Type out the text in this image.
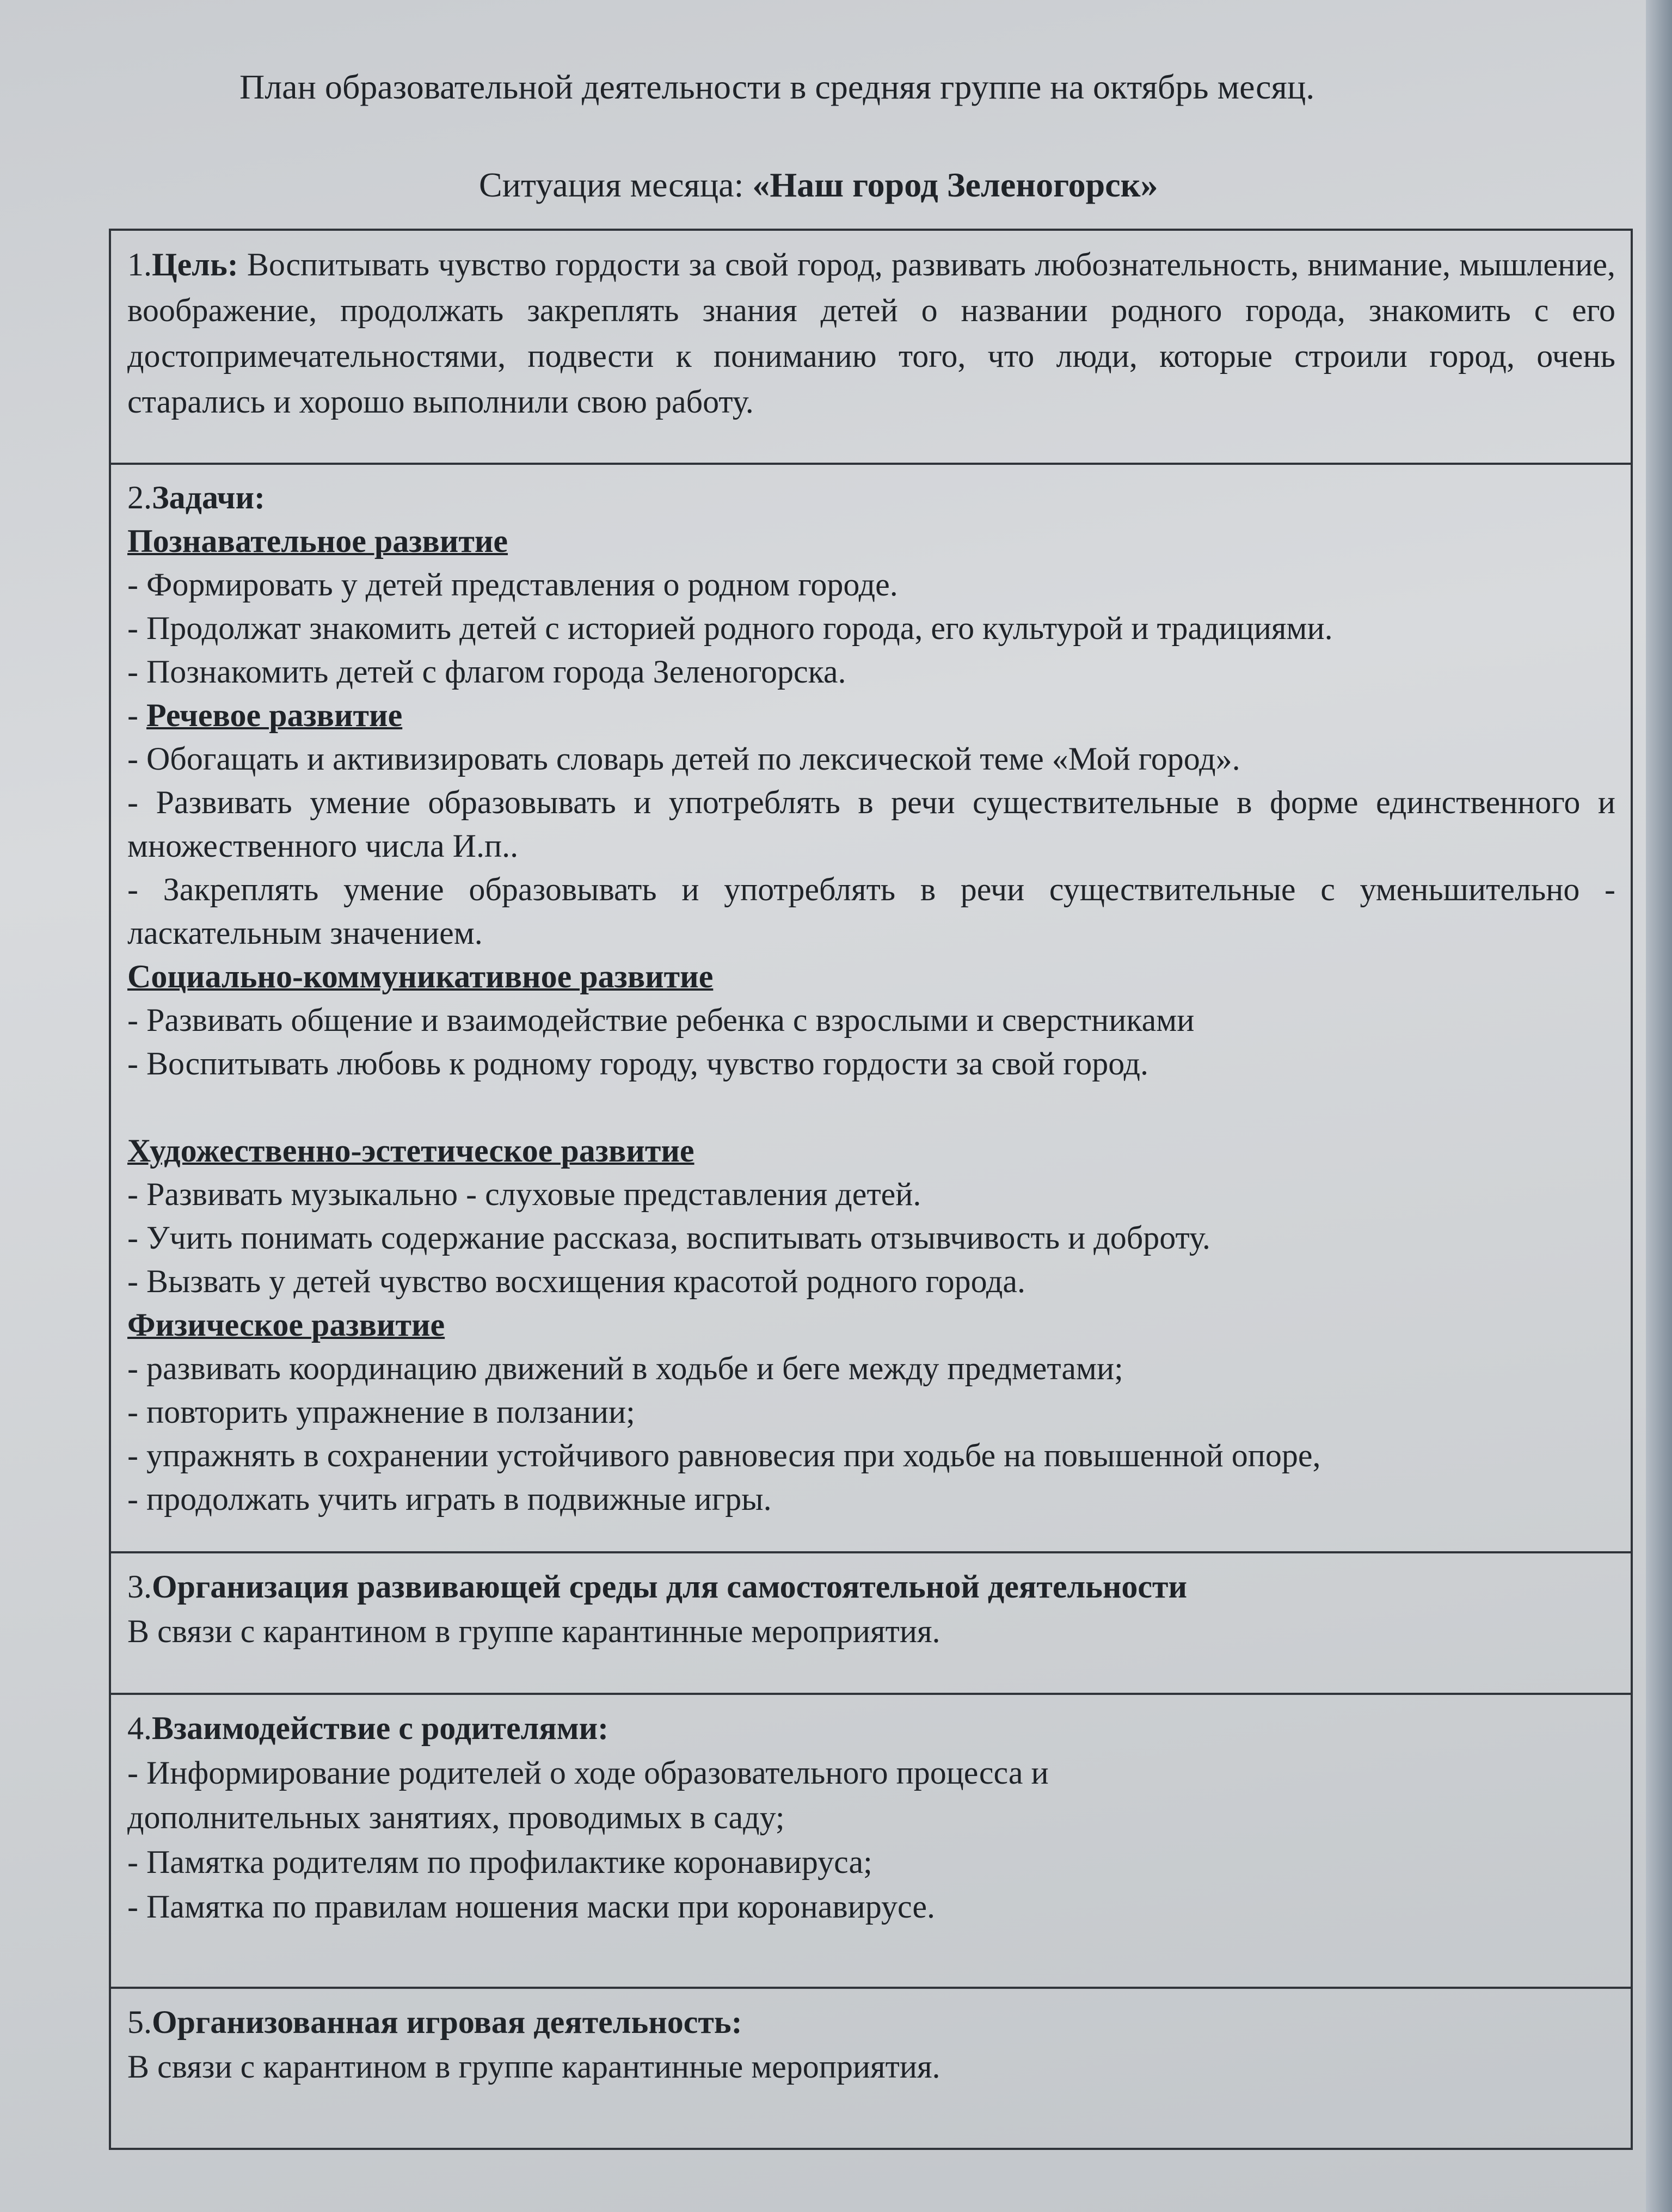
План образовательной деятельности в средняя группе на октябрь месяц.
Ситуация месяца: «Наш город Зеленогорск»
1.Цель: Воспитывать чувство гордости за свой город, развивать любознательность, внимание, мышление, воображение, продолжать закреплять знания детей о названии родного города, знакомить с его достопримечательностями, подвести к пониманию того, что люди, которые строили город, очень старались и хорошо выполнили свою работу.
2.Задачи:
Познавательное развитие
- Формировать у детей представления о родном городе.
- Продолжат знакомить детей с историей родного города, его культурой и традициями.
- Познакомить детей с флагом города Зеленогорска.
- Речевое развитие
- Обогащать и активизировать словарь детей по лексической теме «Мой город».
- Развивать умение образовывать и употреблять в речи существительные в форме единственного и множественного числа И.п..
- Закреплять умение образовывать и употреблять в речи существительные с уменьшительно - ласкательным значением.
Социально-коммуникативное развитие
- Развивать общение и взаимодействие ребенка с взрослыми и сверстниками
- Воспитывать любовь к родному городу, чувство гордости за свой город.
Художественно-эстетическое развитие
- Развивать музыкально - слуховые представления детей.
- Учить понимать содержание рассказа, воспитывать отзывчивость и доброту.
- Вызвать у детей чувство восхищения красотой родного города.
Физическое развитие
- развивать координацию движений в ходьбе и беге между предметами;
- повторить упражнение в ползании;
- упражнять в сохранении устойчивого равновесия при ходьбе на повышенной опоре,
- продолжать учить играть в подвижные игры.
3.Организация развивающей среды для самостоятельной деятельности
В связи с карантином в группе карантинные мероприятия.
4.Взаимодействие с родителями:
- Информирование родителей о ходе образовательного процесса и
дополнительных занятиях, проводимых в саду;
- Памятка родителям по профилактике коронавируса;
- Памятка по правилам ношения маски при коронавирусе.
5.Организованная игровая деятельность:
В связи с карантином в группе карантинные мероприятия.
